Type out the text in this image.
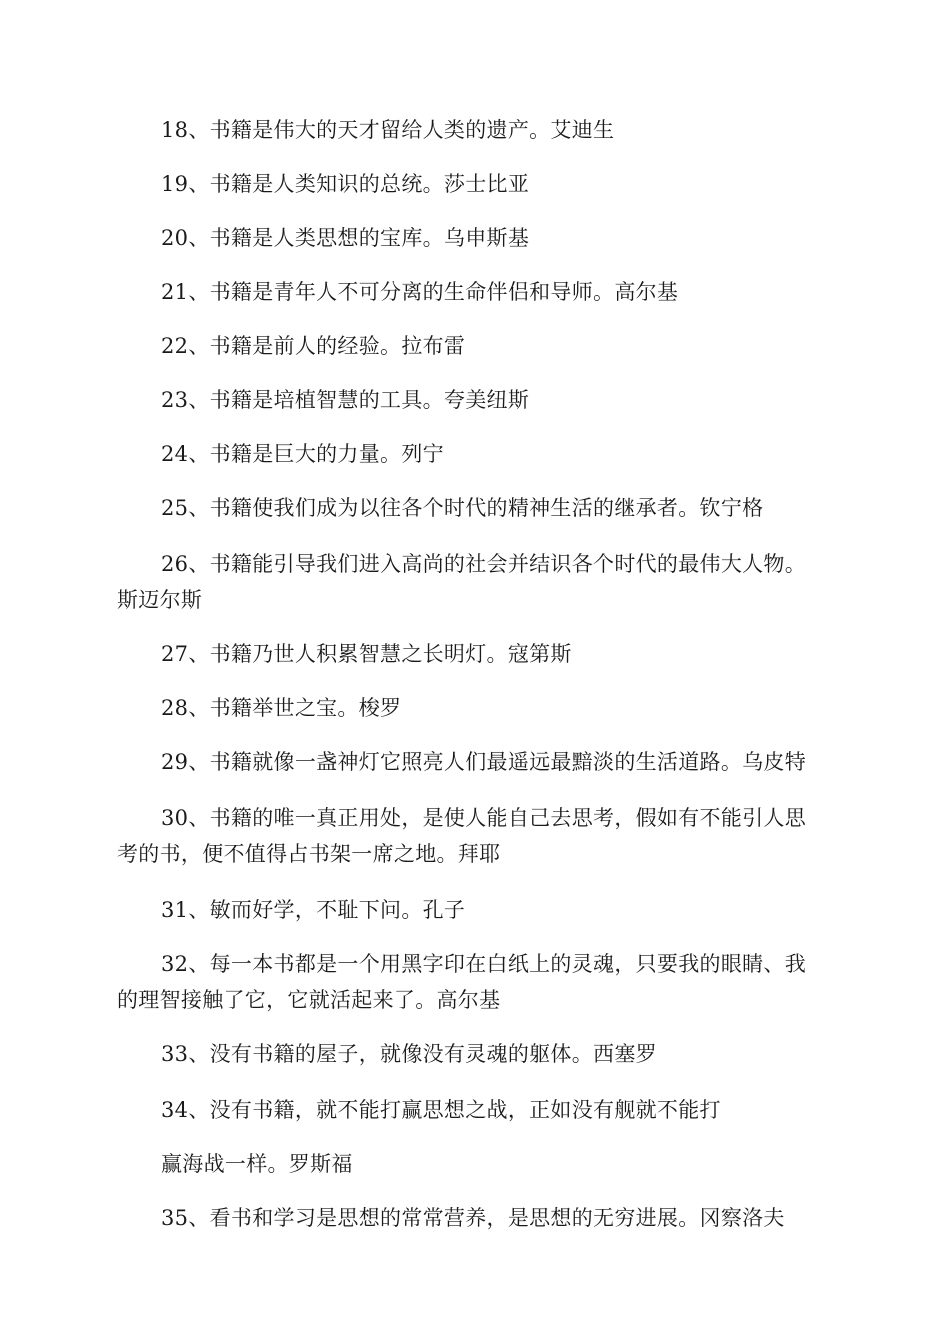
18、书籍是伟大的天才留给人类的遗产。艾迪生

19、书籍是人类知识的总统。莎士比亚

20、书籍是人类思想的宝库。乌申斯基

21、书籍是青年人不可分离的生命伴侣和导师。高尔基

22、书籍是前人的经验。拉布雷

23、书籍是培植智慧的工具。夸美纽斯

24、书籍是巨大的力量。列宁

25、书籍使我们成为以往各个时代的精神生活的继承者。钦宁格

26、书籍能引导我们进入高尚的社会并结识各个时代的最伟大人物。
斯迈尔斯

27、书籍乃世人积累智慧之长明灯。寇第斯

28、书籍举世之宝。梭罗

29、书籍就像一盏神灯它照亮人们最遥远最黯淡的生活道路。乌皮特

30、书籍的唯一真正用处，是使人能自己去思考，假如有不能引人思
考的书，便不值得占书架一席之地。拜耶

31、敏而好学，不耻下问。孔子

32、每一本书都是一个用黑字印在白纸上的灵魂，只要我的眼睛、我
的理智接触了它，它就活起来了。高尔基

33、没有书籍的屋子，就像没有灵魂的躯体。西塞罗

34、没有书籍，就不能打赢思想之战，正如没有舰就不能打

赢海战一样。罗斯福

35、看书和学习是思想的常常营养，是思想的无穷进展。冈察洛夫
